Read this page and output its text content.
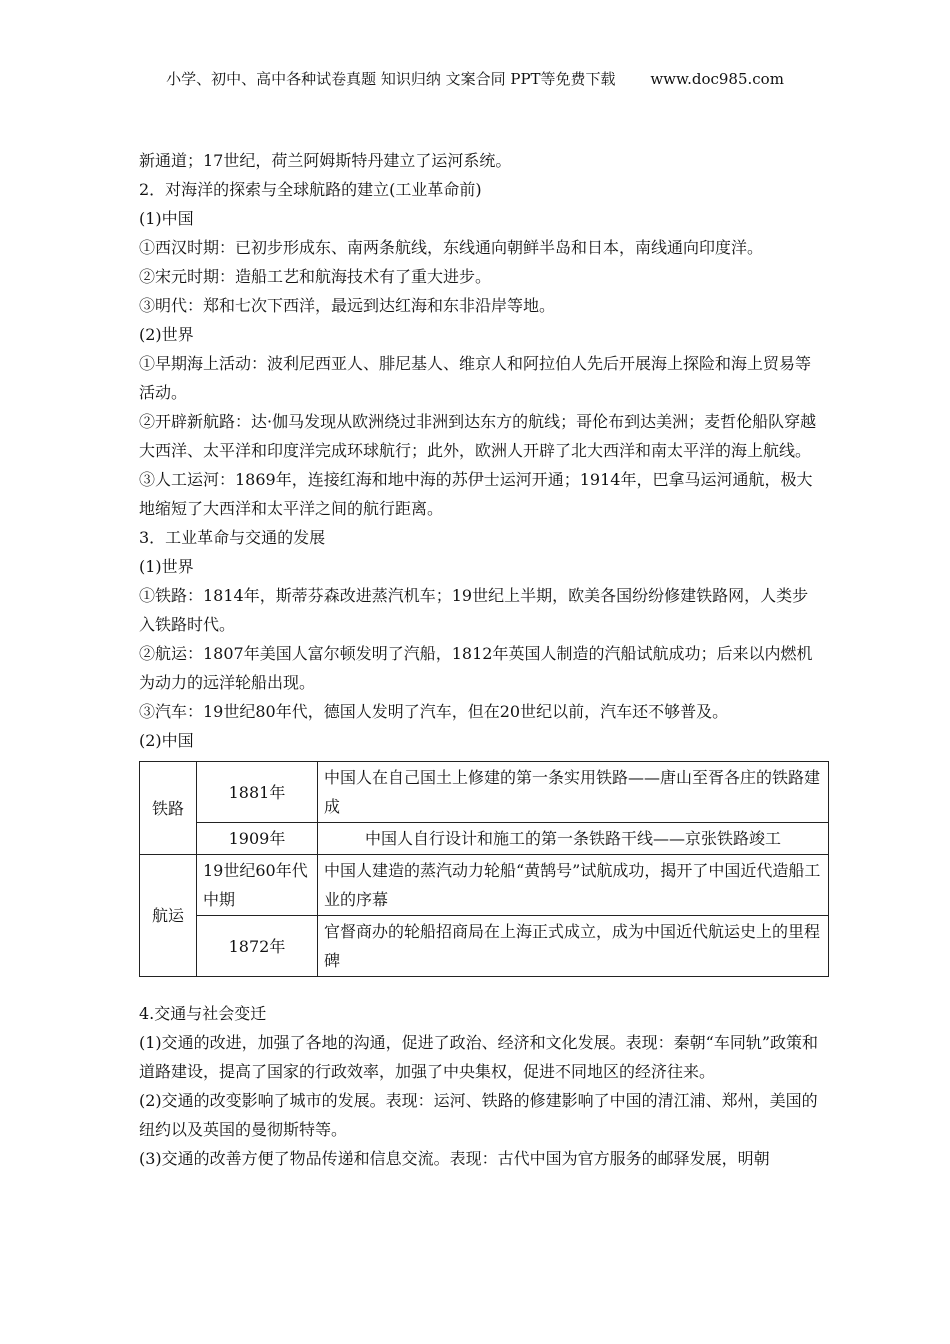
小学、初中、高中各种试卷真题 知识归纳 文案合同 PPT等免费下载 www.doc985.com

新通道；17世纪，荷兰阿姆斯特丹建立了运河系统。

2．对海洋的探索与全球航路的建立(工业革命前)

(1)中国

①西汉时期：已初步形成东、南两条航线，东线通向朝鲜半岛和日本，南线通向印度洋。

②宋元时期：造船工艺和航海技术有了重大进步。

③明代：郑和七次下西洋，最远到达红海和东非沿岸等地。

(2)世界

①早期海上活动：波利尼西亚人、腓尼基人、维京人和阿拉伯人先后开展海上探险和海上贸易等活动。

②开辟新航路：达·伽马发现从欧洲绕过非洲到达东方的航线；哥伦布到达美洲；麦哲伦船队穿越大西洋、太平洋和印度洋完成环球航行；此外，欧洲人开辟了北大西洋和南太平洋的海上航线。

③人工运河：1869年，连接红海和地中海的苏伊士运河开通；1914年，巴拿马运河通航，极大地缩短了大西洋和太平洋之间的航行距离。

3．工业革命与交通的发展

(1)世界

①铁路：1814年，斯蒂芬森改进蒸汽机车；19世纪上半期，欧美各国纷纷修建铁路网，人类步入铁路时代。

②航运：1807年美国人富尔顿发明了汽船，1812年英国人制造的汽船试航成功；后来以内燃机为动力的远洋轮船出现。

③汽车：19世纪80年代，德国人发明了汽车，但在20世纪以前，汽车还不够普及。

(2)中国

铁路	1881年	中国人在自己国土上修建的第一条实用铁路——唐山至胥各庄的铁路建成
	1909年	中国人自行设计和施工的第一条铁路干线——京张铁路竣工
航运	19世纪60年代中期	中国人建造的蒸汽动力轮船“黄鹄号”试航成功，揭开了中国近代造船工业的序幕
	1872年	官督商办的轮船招商局在上海正式成立，成为中国近代航运史上的里程碑

4.交通与社会变迁

(1)交通的改进，加强了各地的沟通，促进了政治、经济和文化发展。表现：秦朝“车同轨”政策和道路建设，提高了国家的行政效率，加强了中央集权，促进不同地区的经济往来。

(2)交通的改变影响了城市的发展。表现：运河、铁路的修建影响了中国的清江浦、郑州，美国的纽约以及英国的曼彻斯特等。

(3)交通的改善方便了物品传递和信息交流。表现：古代中国为官方服务的邮驿发展，明朝
